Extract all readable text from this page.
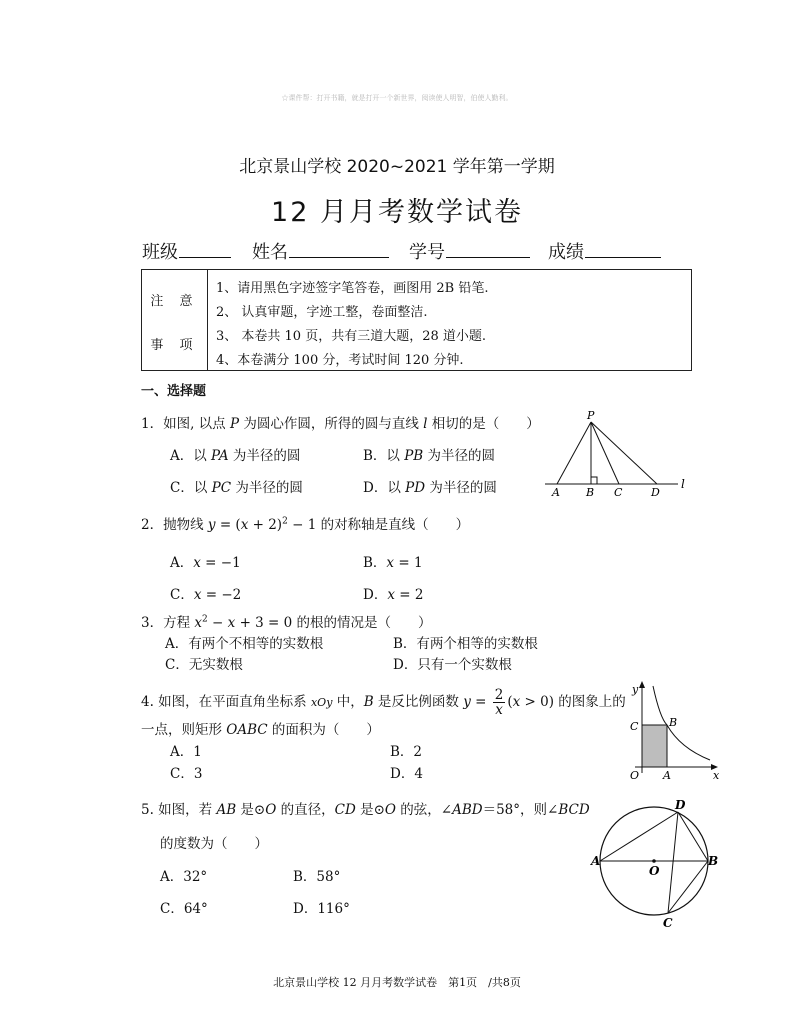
☆课件帮：打开书籍，就是打开一个新世界，阅读使人明智，伯使人勤利。
北京景山学校 2020~2021 学年第一学期
12 月月考数学试卷
班级	姓名	学号	成绩
注 意
事 项
1、请用黑色字迹签字笔答卷，画图用 2B 铅笔.
2、 认真审题，字迹工整，卷面整洁.
3、 本卷共 10 页，共有三道大题，28 道小题.
4、本卷满分 100 分，考试时间 120 分钟.
一、选择题
1．如图, 以点 P 为圆心作圆，所得的圆与直线 l 相切的是（　　）
A．以 PA 为半径的圆	B．以 PB 为半径的圆
C．以 PC 为半径的圆	D．以 PD 为半径的圆
P
A B C	D
l
2．抛物线 $y = (x + 2)^2 - 1$ 的对称轴是直线（　　）
A．x = −1	B．x = 1
C．x = −2	D．x = 2
3．方程 $x^2 - x + 3 = 0$ 的根的情况是（　　）
A．有两个不相等的实数根	B．有两个相等的实数根
C．无实数根	D．只有一个实数根
4. 如图，在平面直角坐标系 xOy 中，B 是反比例函数 $y = \frac{2}{x} (x > 0)$ 的图象上的
一点，则矩形 OABC 的面积为（　　）
A．1	B．2
C．3	D．4
y
x
O A
B
C
5. 如图，若 AB 是⊙O 的直径，CD 是⊙O 的弦，∠ABD＝58°，则∠BCD
的度数为（　　）
A．32°	B．58°
C．64°	D．116°
A	B
D
C
O
北京景山学校 12 月月考数学试卷　第1页　/共8页
